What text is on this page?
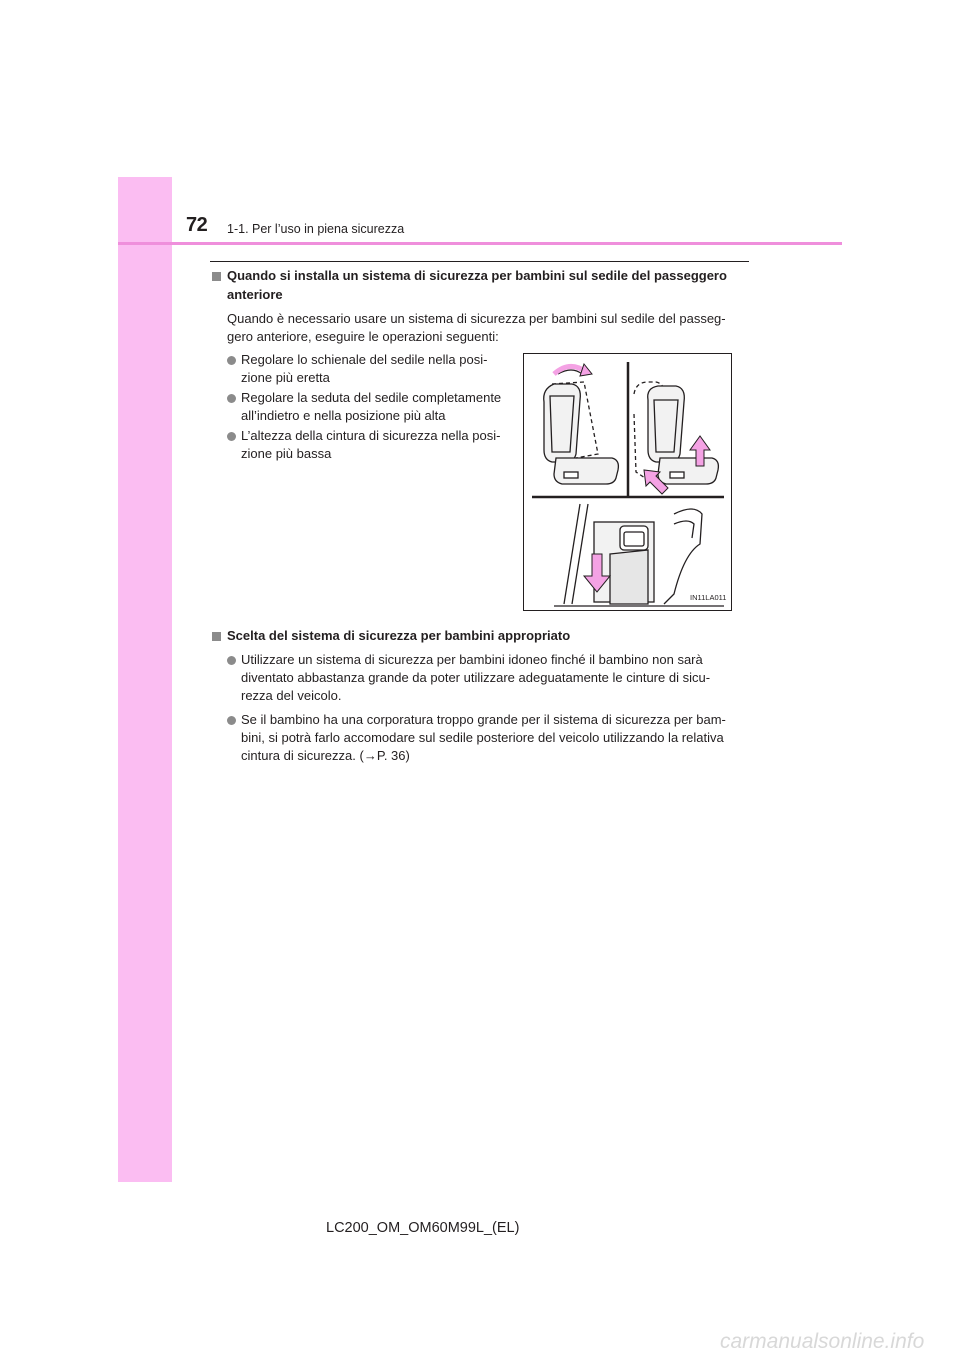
72 1-1. Per l’uso in piena sicurezza
Quando si installa un sistema di sicurezza per bambini sul sedile del passeggero
anteriore
Quando è necessario usare un sistema di sicurezza per bambini sul sedile del passeg-
gero anteriore, eseguire le operazioni seguenti:
Regolare lo schienale del sedile nella posi-
zione più eretta
Regolare la seduta del sedile completamente
all’indietro e nella posizione più alta
L’altezza della cintura di sicurezza nella posi-
zione più bassa
IN11LA011
Scelta del sistema di sicurezza per bambini appropriato
Utilizzare un sistema di sicurezza per bambini idoneo finché il bambino non sarà
diventato abbastanza grande da poter utilizzare adeguatamente le cinture di sicu-
rezza del veicolo.
Se il bambino ha una corporatura troppo grande per il sistema di sicurezza per bam-
bini, si potrà farlo accomodare sul sedile posteriore del veicolo utilizzando la relativa
cintura di sicurezza. (→P. 36)
LC200_OM_OM60M99L_(EL)
carmanualsonline.info
